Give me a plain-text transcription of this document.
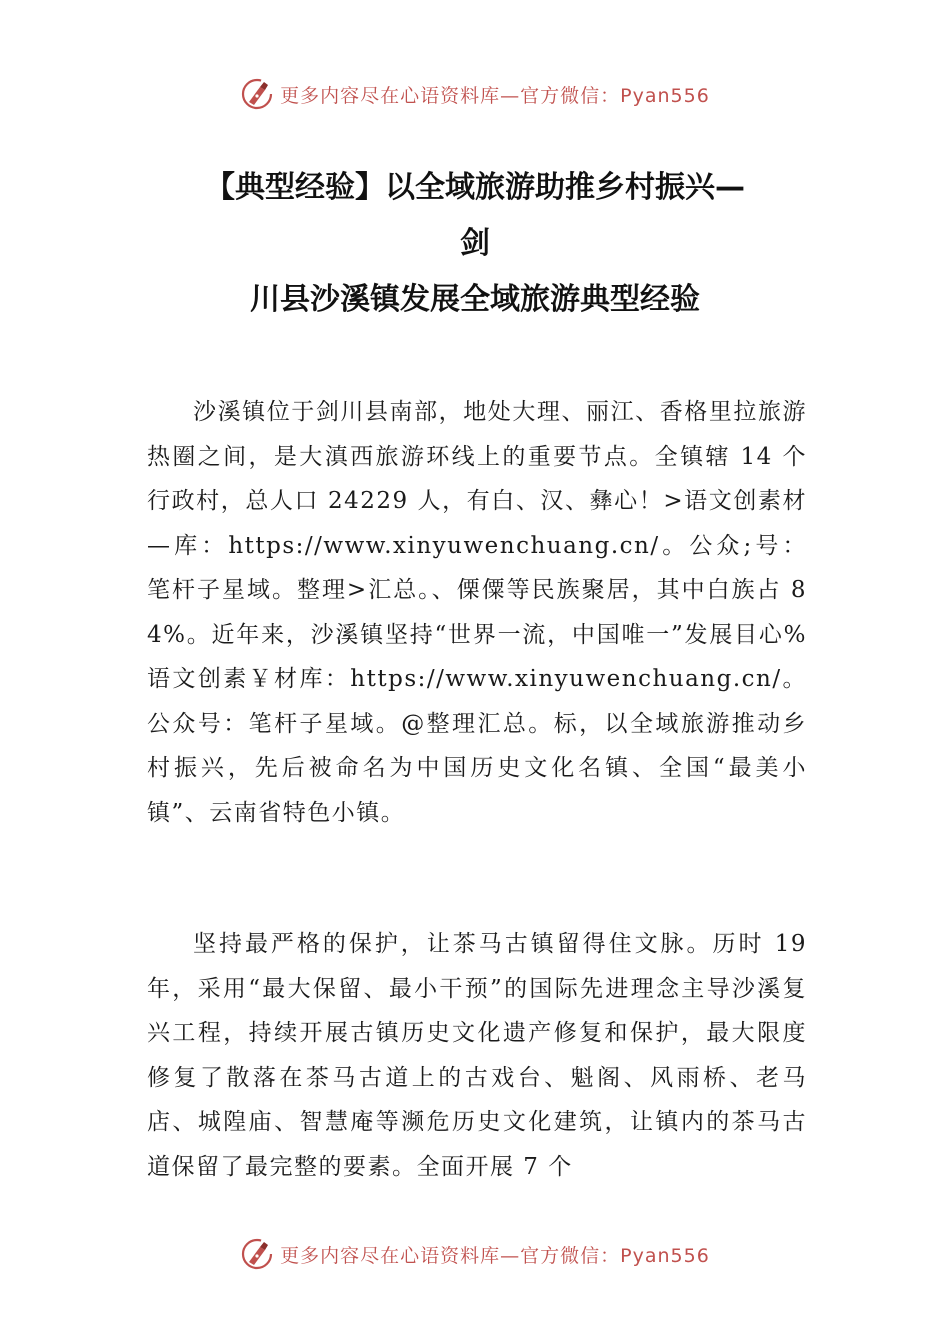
更多内容尽在心语资料库—官方微信：Pyan556
【典型经验】以全域旅游助推乡村振兴—
剑
川县沙溪镇发展全域旅游典型经验

沙溪镇位于剑川县南部，地处大理、丽江、香格里拉旅游热圈之间，是大滇西旅游环线上的重要节点。全镇辖 14 个行政村，总人口 24229 人，有白、汉、彝心！>语文创素材—库：https://www.xinyuwenchuang.cn/。公众;号：笔杆子星域。整理>汇总。、傈僳等民族聚居，其中白族占 84%。近年来，沙溪镇坚持“世界一流，中国唯一”发展目心%语文创素￥材库：https://www.xinyuwenchuang.cn/。公众号：笔杆子星域。@整理汇总。标，以全域旅游推动乡村振兴，先后被命名为中国历史文化名镇、全国“最美小镇”、云南省特色小镇。

坚持最严格的保护，让茶马古镇留得住文脉。历时 19 年，采用“最大保留、最小干预”的国际先进理念主导沙溪复兴工程，持续开展古镇历史文化遗产修复和保护，最大限度修复了散落在茶马古道上的古戏台、魁阁、风雨桥、老马店、城隍庙、智慧庵等濒危历史文化建筑，让镇内的茶马古道保留了最完整的要素。全面开展 7 个

更多内容尽在心语资料库—官方微信：Pyan556
